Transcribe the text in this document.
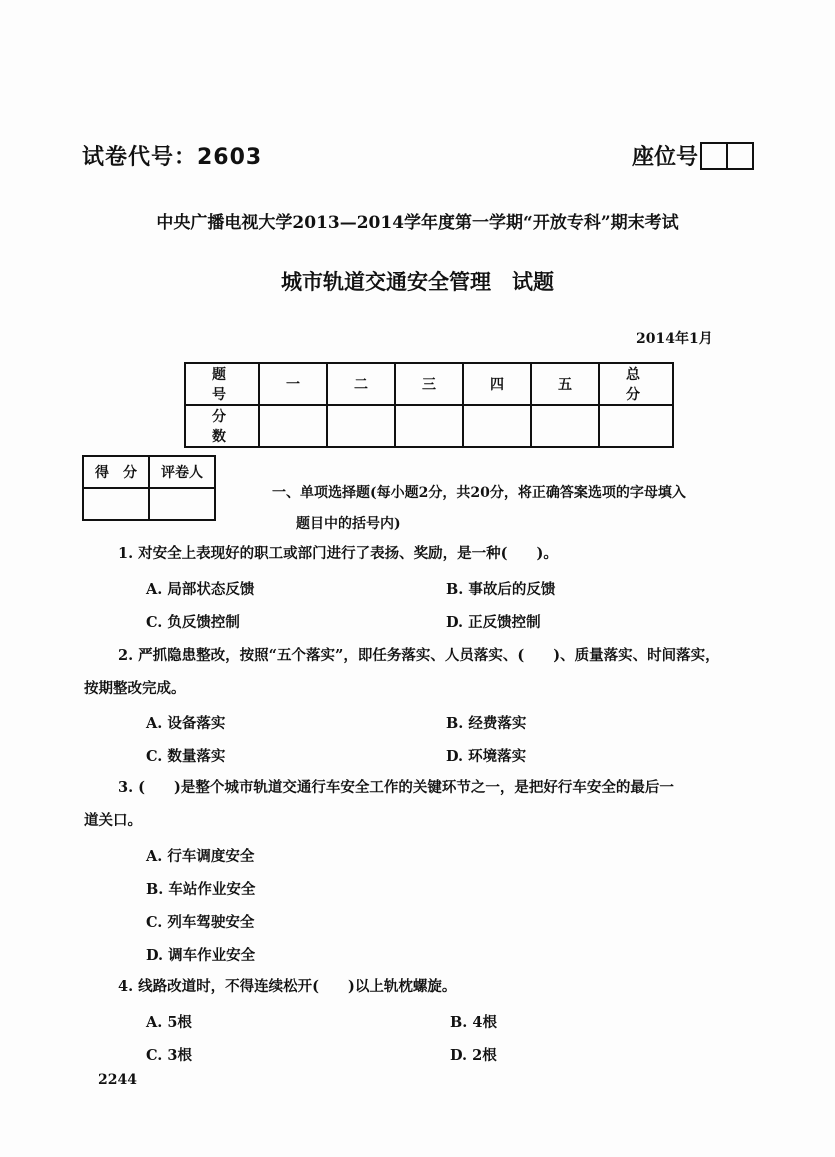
试卷代号：2603	座位号
中央广播电视大学2013—2014学年度第一学期“开放专科”期末考试
城市轨道交通安全管理　试题
2014年1月
题　号	一	二	三	四	五	总　分
分　数						
得　分	评卷人

一、单项选择题(每小题2分，共20分，将正确答案选项的字母填入
题目中的括号内)
1. 对安全上表现好的职工或部门进行了表扬、奖励，是一种(　　)。
A. 局部状态反馈	B. 事故后的反馈
C. 负反馈控制	D. 正反馈控制
2. 严抓隐患整改，按照“五个落实”，即任务落实、人员落实、(　　)、质量落实、时间落实，
按期整改完成。
A. 设备落实	B. 经费落实
C. 数量落实	D. 环境落实
3. (　　)是整个城市轨道交通行车安全工作的关键环节之一，是把好行车安全的最后一
道关口。
A. 行车调度安全
B. 车站作业安全
C. 列车驾驶安全
D. 调车作业安全
4. 线路改道时，不得连续松开(　　)以上轨枕螺旋。
A. 5根	B. 4根
C. 3根	D. 2根
2244
